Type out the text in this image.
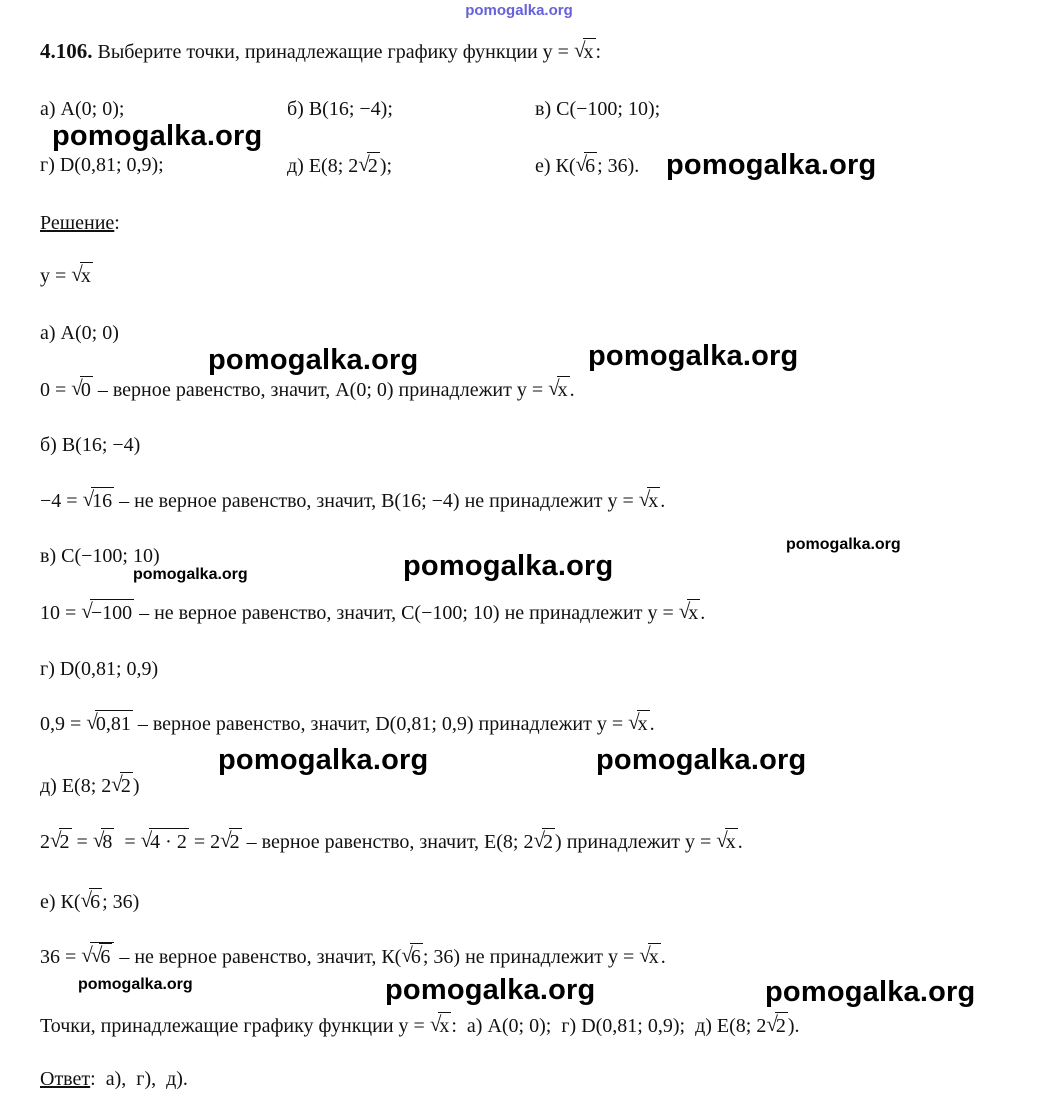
pomogalka.org
4.106. Выберите точки, принадлежащие графику функции y = √x :
а) A(0; 0);	б) B(16; −4);	в) C(−100; 10);
pomogalka.org
г) D(0,81; 0,9);	д) E(8; 2√2 );	е) К(√6 ; 36). pomogalka.org
Решение:
y = √x
а) A(0; 0)
pomogalka.org	pomogalka.org
0 = √0 – верное равенство, значит, A(0; 0) принадлежит y = √x .
б) B(16; −4)
−4 = √16 – не верное равенство, значит, B(16; −4) не принадлежит y = √x .
в) C(−100; 10)
pomogalka.org	pomogalka.org
pomogalka.org
10 = √−100 – не верное равенство, значит, C(−100; 10) не принадлежит y = √x .
г) D(0,81; 0,9)
0,9 = √0,81 – верное равенство, значит, D(0,81; 0,9) принадлежит y = √x .
pomogalka.org	pomogalka.org
д) E(8; 2√2 )
2√2 = √8  = √4 · 2 = 2√2 – верное равенство, значит, E(8; 2√2 ) принадлежит y = √x .
е) К(√6 ; 36)
36 = √√6 – не верное равенство, значит, К(√6 ; 36) не принадлежит y = √x .
pomogalka.org	pomogalka.org	pomogalka.org
Точки, принадлежащие графику функции y = √x :  а) A(0; 0);  г) D(0,81; 0,9);  д) E(8; 2√2 ).
Ответ:  а),  г),  д).
